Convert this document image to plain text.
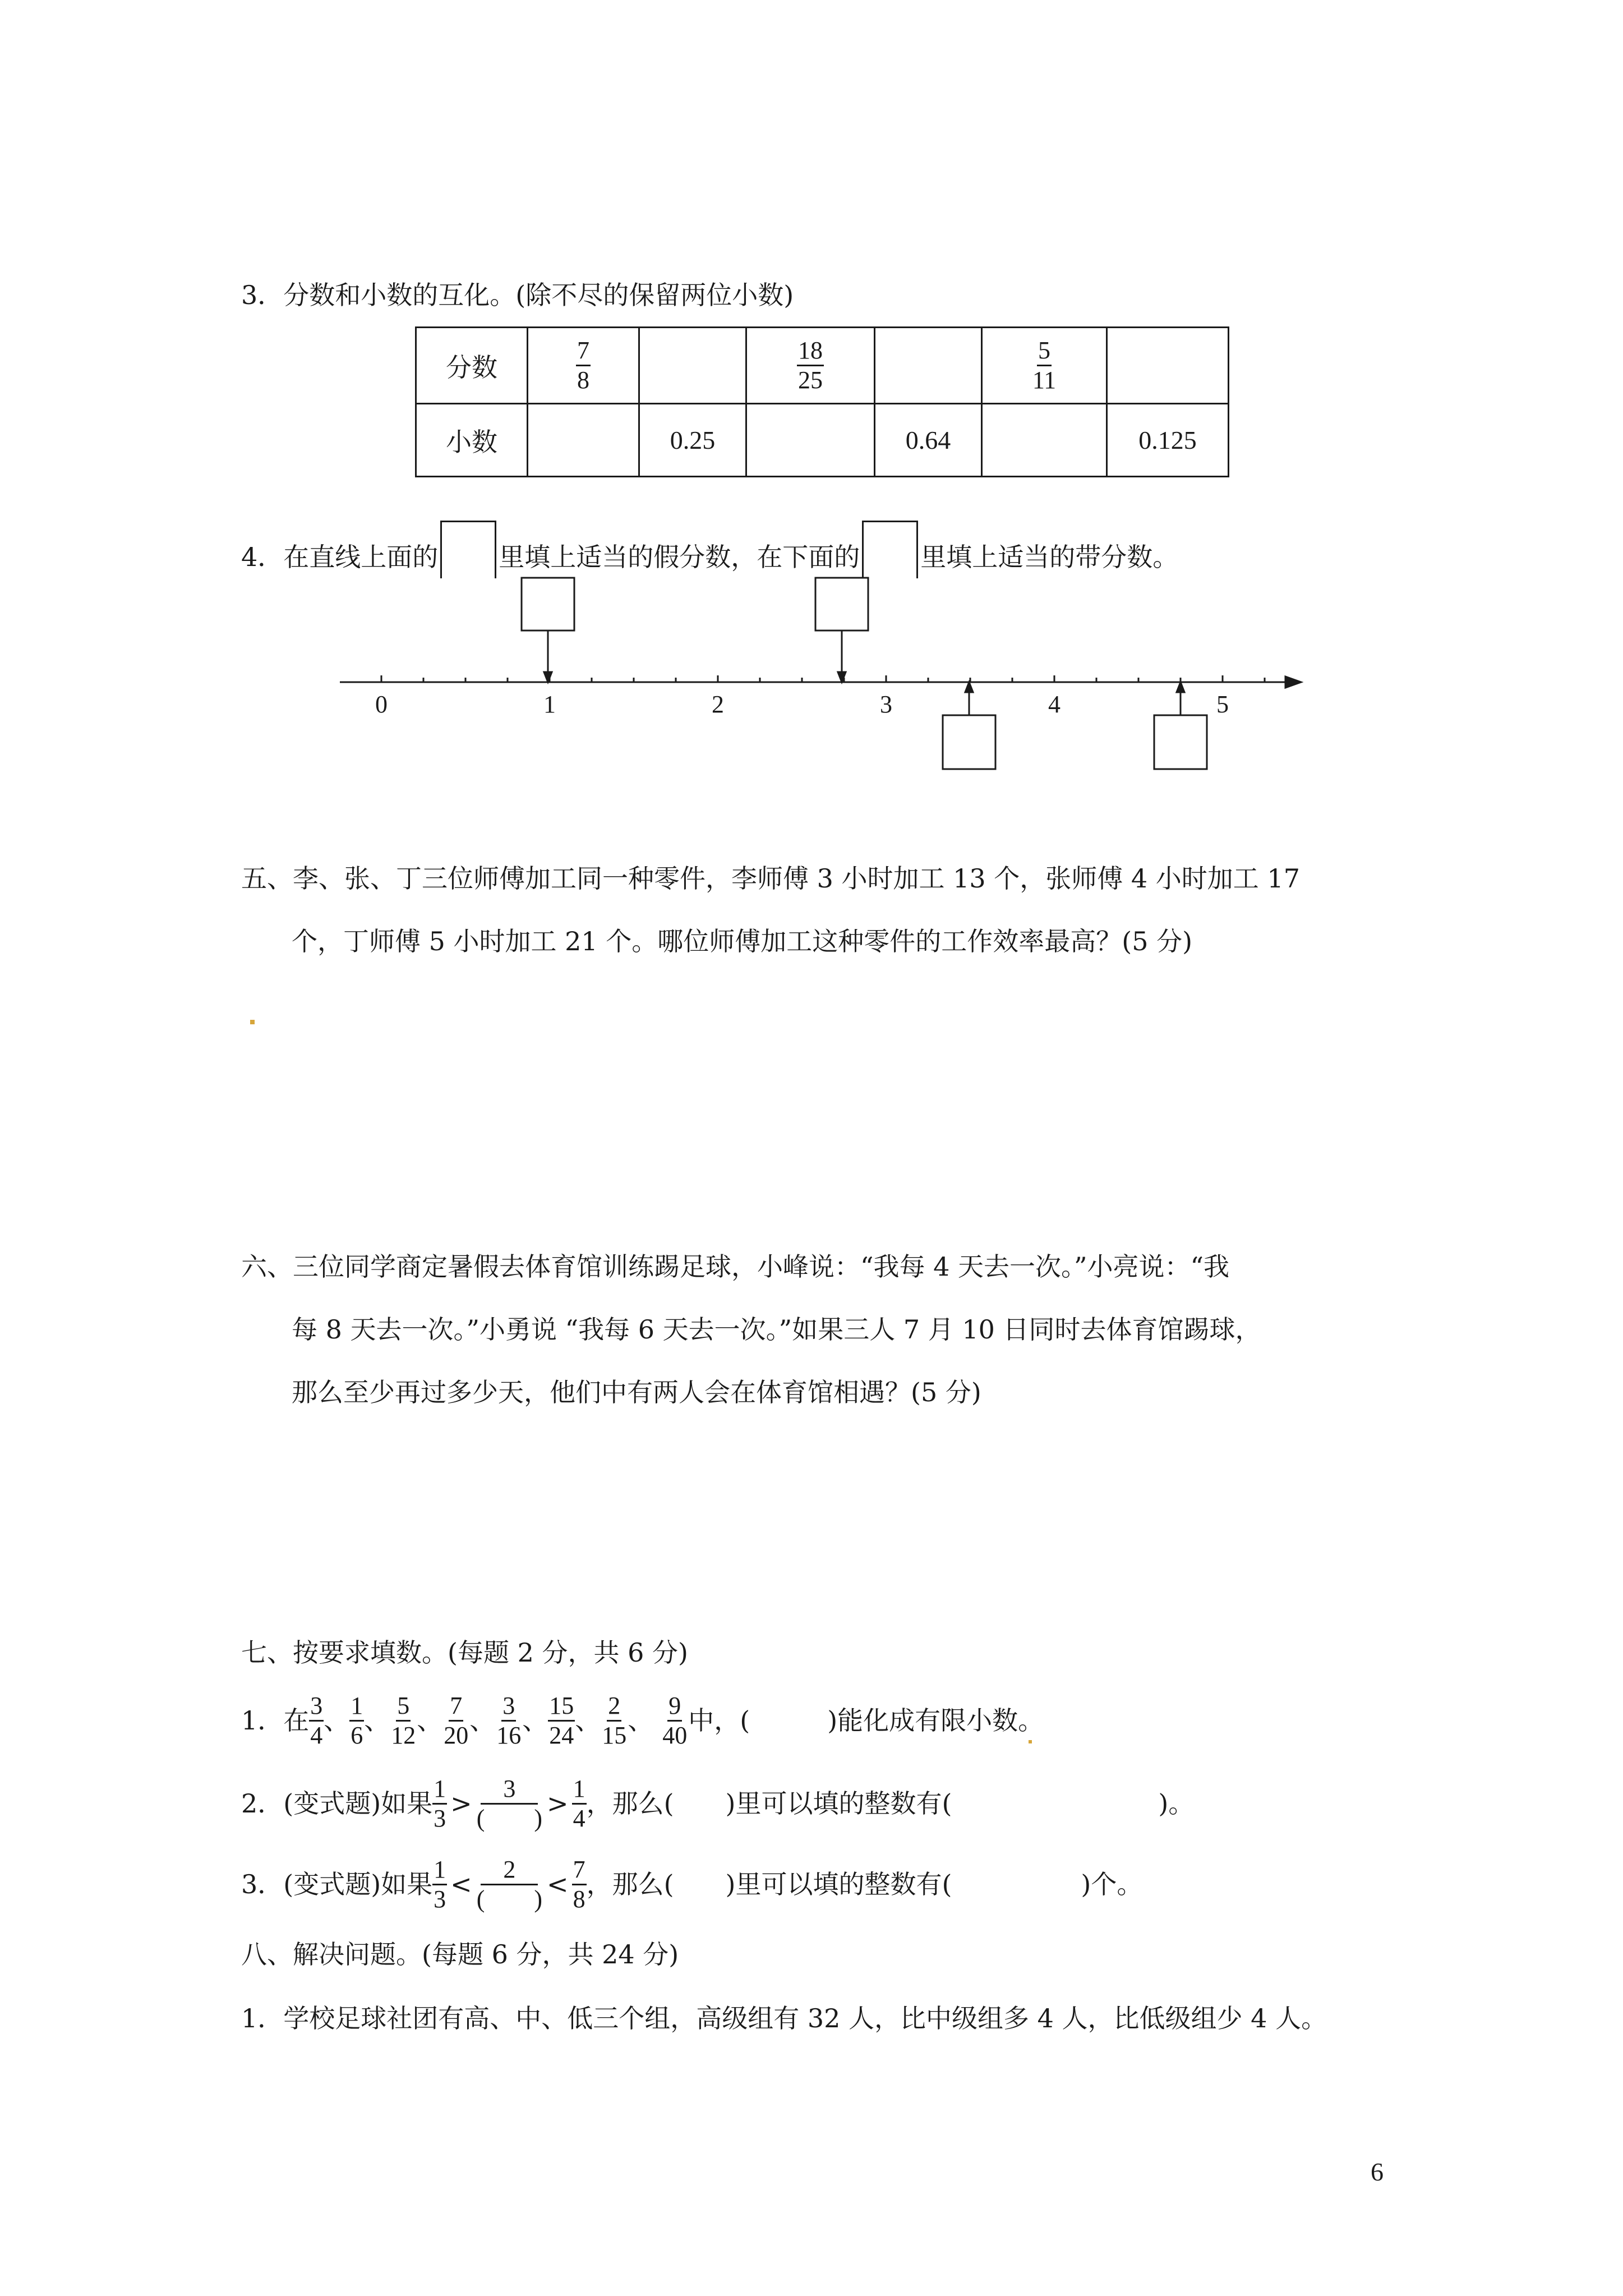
3．分数和小数的互化。(除不尽的保留两位小数)
分数	$\frac{7}{8}$		$\frac{18}{25}$		$\frac{5}{11}$

小数		0.25		0.64		0.125
4．在直线上面的 里填上适当的假分数，在下面的 里填上适当的带分数。
0	1	2	3	4	5
五、李、张、丁三位师傅加工同一种零件，李师傅 3 小时加工 13 个，张师傅 4 小时加工 17
个，丁师傅 5 小时加工 21 个。哪位师傅加工这种零件的工作效率最高？(5 分)
六、三位同学商定暑假去体育馆训练踢足球，小峰说：“我每 4 天去一次。”小亮说：“我
每 8 天去一次。”小勇说 “我每 6 天去一次。”如果三人 7 月 10 日同时去体育馆踢球，
那么至少再过多少天，他们中有两人会在体育馆相遇？(5 分)
七、按要求填数。(每题 2 分，共 6 分)
1．在 $\frac{3}{4}$ 、 $\frac{1}{6}$ 、 $\frac{5}{12}$ 、 $\frac{7}{20}$ 、 $\frac{3}{16}$ 、 $\frac{15}{24}$ 、 $\frac{2}{15}$ 、 $\frac{9}{40}$ 中，(　　　)能化成有限小数。
2．(变式题)如果 $\frac{1}{3} > \frac{3}{( )} > \frac{1}{4}$ ，那么(　　)里可以填的整数有(　　　　　　　　)。
3．(变式题)如果 $\frac{1}{3} < \frac{2}{( )} < \frac{7}{8}$ ，那么(　　)里可以填的整数有(　　　　　)个。
八、解决问题。(每题 6 分，共 24 分)
1．学校足球社团有高、中、低三个组，高级组有 32 人，比中级组多 4 人，比低级组少 4 人。
6
